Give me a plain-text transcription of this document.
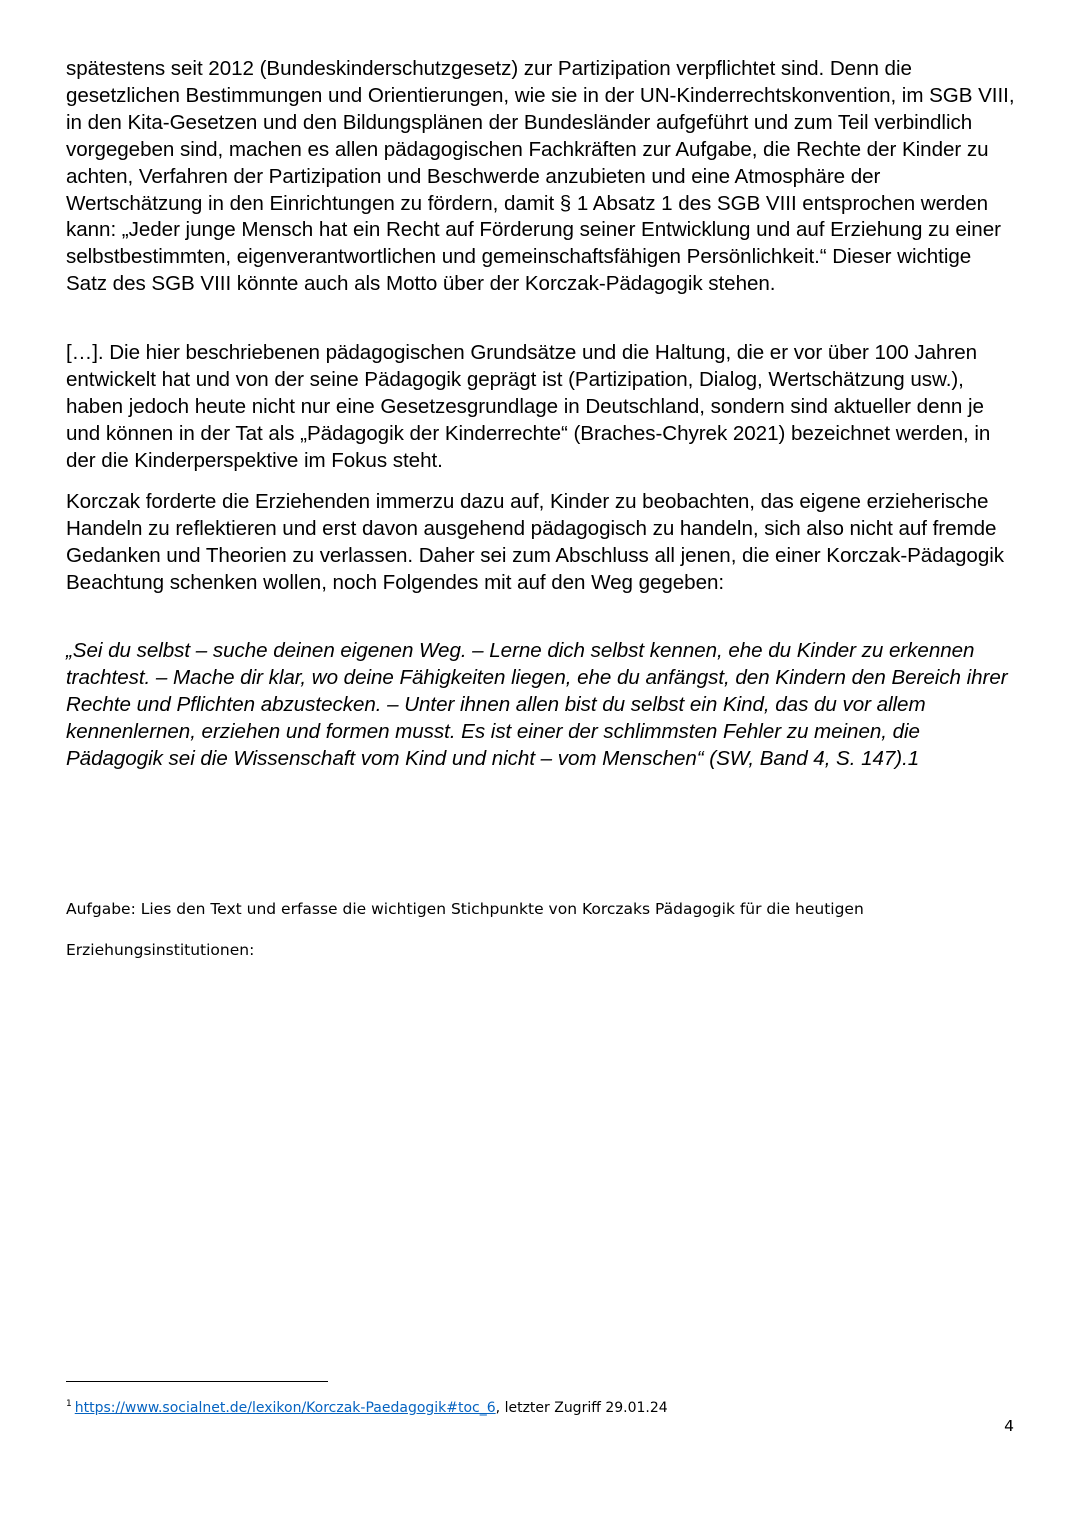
spätestens seit 2012 (Bundeskinderschutzgesetz) zur Partizipation verpflichtet sind. Denn die gesetzlichen Bestimmungen und Orientierungen, wie sie in der UN-Kinderrechtskonvention, im SGB VIII, in den Kita-Gesetzen und den Bildungsplänen der Bundesländer aufgeführt und zum Teil verbindlich vorgegeben sind, machen es allen pädagogischen Fachkräften zur Aufgabe, die Rechte der Kinder zu achten, Verfahren der Partizipation und Beschwerde anzubieten und eine Atmosphäre der Wertschätzung in den Einrichtungen zu fördern, damit § 1 Absatz 1 des SGB VIII entsprochen werden kann: „Jeder junge Mensch hat ein Recht auf Förderung seiner Entwicklung und auf Erziehung zu einer selbstbestimmten, eigenverantwortlichen und gemeinschaftsfähigen Persönlichkeit.“ Dieser wichtige Satz des SGB VIII könnte auch als Motto über der Korczak-Pädagogik stehen.

[…]. Die hier beschriebenen pädagogischen Grundsätze und die Haltung, die er vor über 100 Jahren entwickelt hat und von der seine Pädagogik geprägt ist (Partizipation, Dialog, Wertschätzung usw.), haben jedoch heute nicht nur eine Gesetzesgrundlage in Deutschland, sondern sind aktueller denn je und können in der Tat als „Pädagogik der Kinderrechte“ (Braches-Chyrek 2021) bezeichnet werden, in der die Kinderperspektive im Fokus steht.

Korczak forderte die Erziehenden immerzu dazu auf, Kinder zu beobachten, das eigene erzieherische Handeln zu reflektieren und erst davon ausgehend pädagogisch zu handeln, sich also nicht auf fremde Gedanken und Theorien zu verlassen. Daher sei zum Abschluss all jenen, die einer Korczak-Pädagogik Beachtung schenken wollen, noch Folgendes mit auf den Weg gegeben:

„Sei du selbst – suche deinen eigenen Weg. – Lerne dich selbst kennen, ehe du Kinder zu erkennen trachtest. – Mache dir klar, wo deine Fähigkeiten liegen, ehe du anfängst, den Kindern den Bereich ihrer Rechte und Pflichten abzustecken. – Unter ihnen allen bist du selbst ein Kind, das du vor allem kennenlernen, erziehen und formen musst. Es ist einer der schlimmsten Fehler zu meinen, die Pädagogik sei die Wissenschaft vom Kind und nicht – vom Menschen“ (SW, Band 4, S. 147).1

Aufgabe: Lies den Text und erfasse die wichtigen Stichpunkte von Korczaks Pädagogik für die heutigen

Erziehungsinstitutionen:

$^1$ https://www.socialnet.de/lexikon/Korczak-Paedagogik#toc_6, letzter Zugriff 29.01.24

4
